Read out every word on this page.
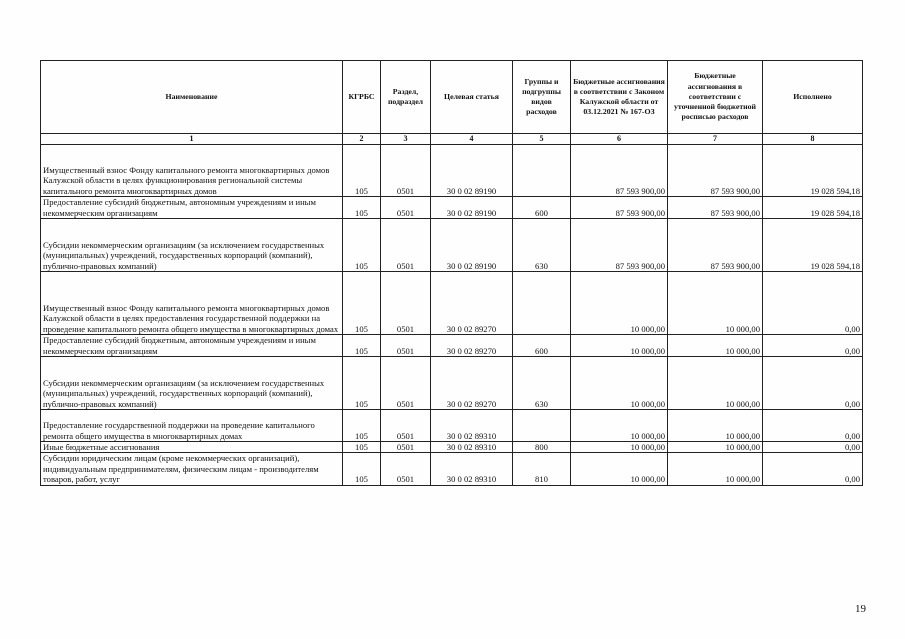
Наименование	КГРБС	Раздел, подраздел	Целевая статья	Группы и подгруппы видов расходов	Бюджетные ассигнования в соответствии с Законом Калужской области от 03.12.2021 № 167-ОЗ	Бюджетные ассигнования в соответствии с уточненной бюджетной росписью расходов	Исполнено
1	2	3	4	5	6	7	8
Имущественный взнос Фонду капитального ремонта многоквартирных домов Калужской области в целях функционирования региональной системы капитального ремонта многоквартирных домов	105	0501	30 0 02 89190		87 593 900,00	87 593 900,00	19 028 594,18
Предоставление субсидий бюджетным, автономным учреждениям и иным некоммерческим организациям	105	0501	30 0 02 89190	600	87 593 900,00	87 593 900,00	19 028 594,18
Субсидии некоммерческим организациям (за исключением государственных (муниципальных) учреждений, государственных корпораций (компаний), публично-правовых компаний)	105	0501	30 0 02 89190	630	87 593 900,00	87 593 900,00	19 028 594,18
Имущественный взнос Фонду капитального ремонта многоквартирных домов Калужской области в целях предоставления государственной поддержки на проведение капитального ремонта общего имущества в многоквартирных домах	105	0501	30 0 02 89270		10 000,00	10 000,00	0,00
Предоставление субсидий бюджетным, автономным учреждениям и иным некоммерческим организациям	105	0501	30 0 02 89270	600	10 000,00	10 000,00	0,00
Субсидии некоммерческим организациям (за исключением государственных (муниципальных) учреждений, государственных корпораций (компаний), публично-правовых компаний)	105	0501	30 0 02 89270	630	10 000,00	10 000,00	0,00
Предоставление государственной поддержки на проведение капитального ремонта общего имущества в многоквартирных домах	105	0501	30 0 02 89310		10 000,00	10 000,00	0,00
Иные бюджетные ассигнования	105	0501	30 0 02 89310	800	10 000,00	10 000,00	0,00
Субсидии юридическим лицам (кроме некоммерческих организаций), индивидуальным предпринимателям, физическим лицам - производителям товаров, работ, услуг	105	0501	30 0 02 89310	810	10 000,00	10 000,00	0,00
19
